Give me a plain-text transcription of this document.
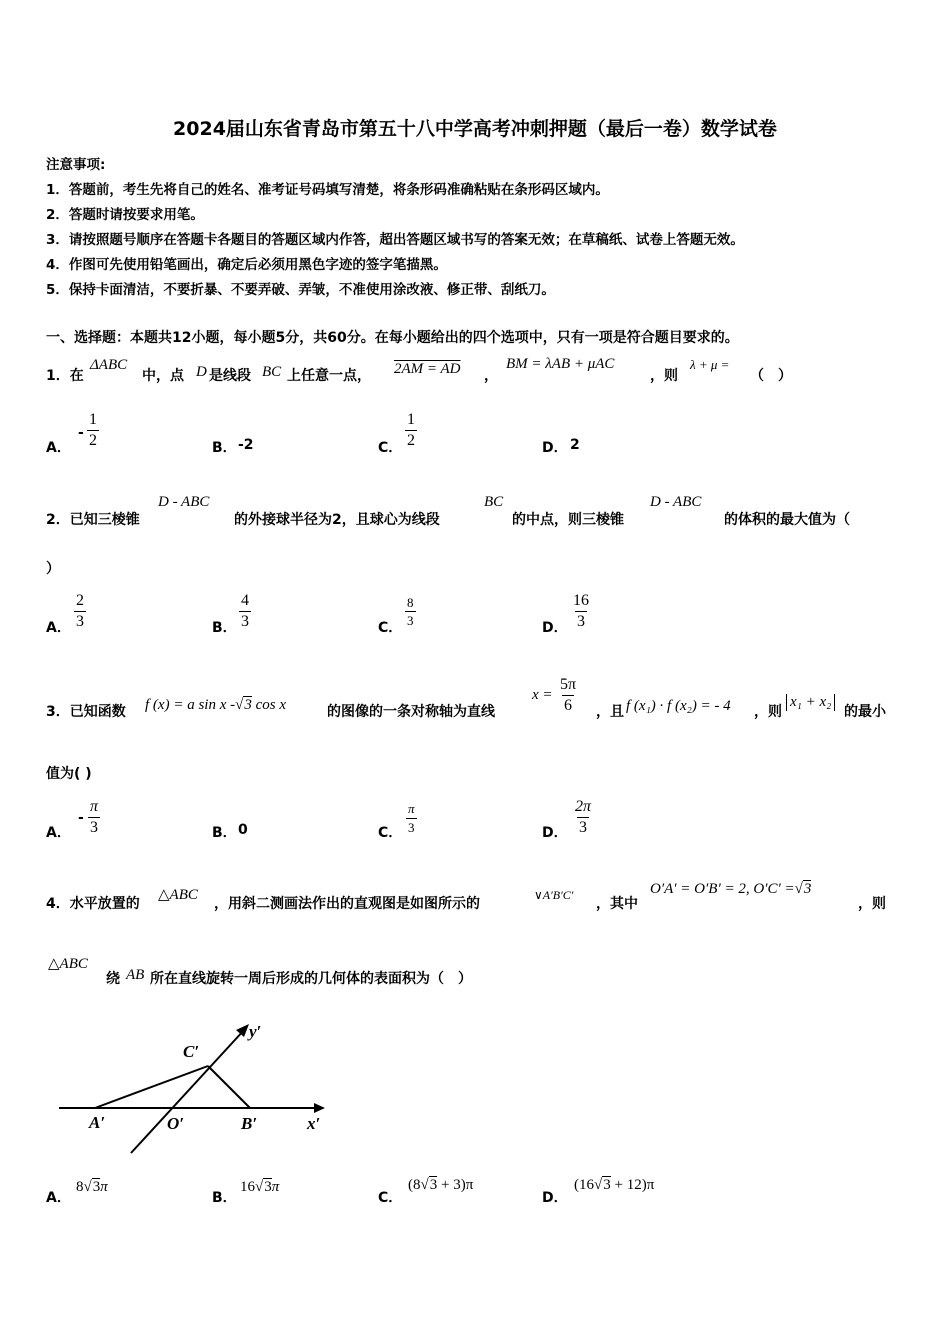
2024届山东省青岛市第五十八中学高考冲刺押题（最后一卷）数学试卷
注意事项:
1．答题前，考生先将自己的姓名、准考证号码填写清楚，将条形码准确粘贴在条形码区域内。
2．答题时请按要求用笔。
3．请按照题号顺序在答题卡各题目的答题区域内作答，超出答题区域书写的答案无效；在草稿纸、试卷上答题无效。
4．作图可先使用铅笔画出，确定后必须用黑色字迹的签字笔描黑。
5．保持卡面清洁，不要折暴、不要弄破、弄皱，不准使用涂改液、修正带、刮纸刀。
一、选择题：本题共12小题，每小题5分，共60分。在每小题给出的四个选项中，只有一项是符合题目要求的。
1．在
ΔABC
中，点 D 是线段 BC 上任意一点， 2AM = AD ，
BM = λAB + μAC
，则
λ + μ =
（　）
A．
- $\frac{1}{2}$	B． -2	C． $\frac{1}{2}$	D． 2
2．已知三棱锥
D - ABC
的外接球半径为2，且球心为线段
BC
的中点，则三棱锥
D - ABC
的体积的最大值为（
）
A． $\frac{2}{3}$	B． $\frac{4}{3}$	C． $\frac{8}{3}$	D． $\frac{16}{3}$
3．已知函数 f (x) = a sin x -√3 cos x	的图像的一条对称轴为直线
$x = \frac{5\pi}{6}$ ，且 f (x₁) · f (x₂) = - 4 ，则
x₁ + x₂
的最小
值为( )
A．
- $\frac{\pi}{3}$	B． 0	C． $\frac{\pi}{3}$	D． $\frac{2\pi}{3}$
4．水平放置的
△ABC
，用斜二测画法作出的直观图是如图所示的
∨A′B′C′
，其中
O′A′ = O′B′ = 2, O′C′ =√3
，则
△ABC
绕 AB 所在直线旋转一周后形成的几何体的表面积为（　）
C′
y′
A′	O′	B′	x′
A．
8√3π
B．
16√3π
C．
(8√3 + 3)π
D．
(16√3 + 12)π
